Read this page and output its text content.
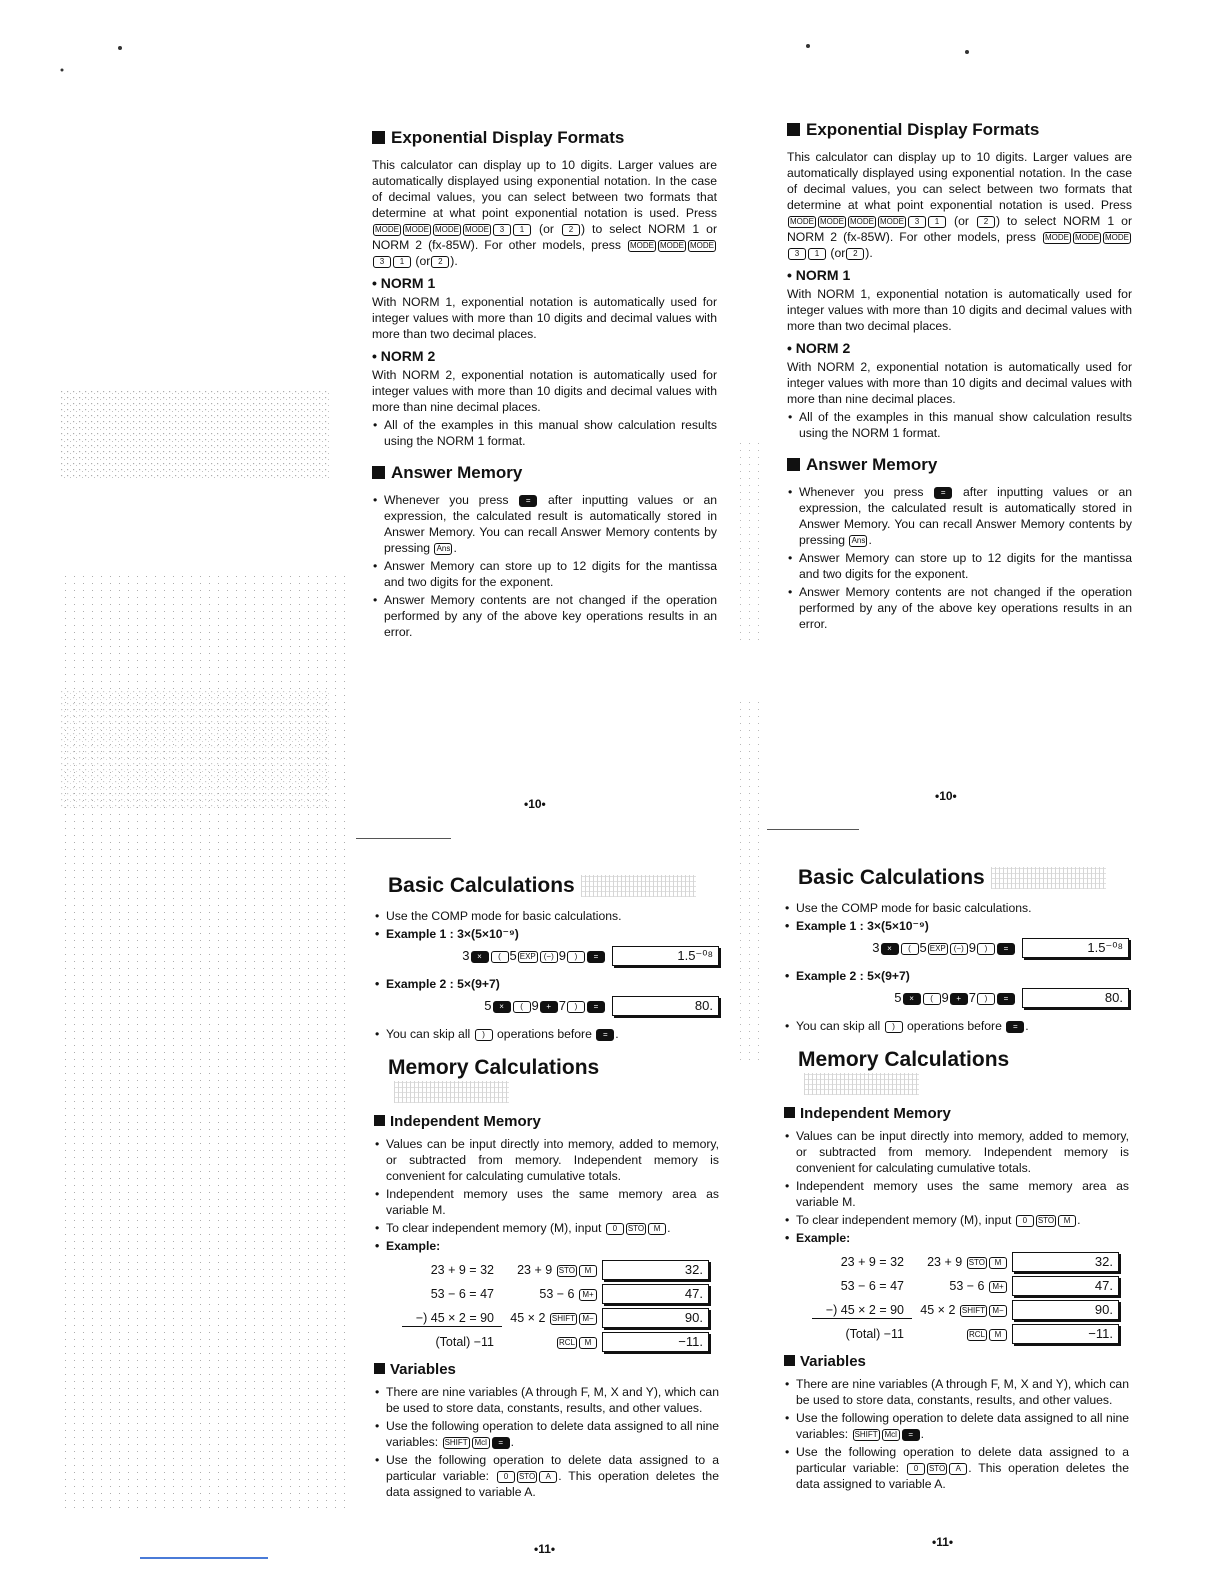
Exponential Display Formats

This calculator can display up to 10 digits. Larger values are automatically displayed using exponential notation. In the case of decimal values, you can select between two formats that determine at what point exponential notation is used. Press MODE MODE MODE MODE 3 1 (or 2 ) to select NORM 1 or NORM 2 (fx-85W). For other models, press MODE MODE MODE3 1 (or 2 ).

• NORM 1

With NORM 1, exponential notation is automatically used for integer values with more than 10 digits and decimal values with more than two decimal places.

• NORM 2

With NORM 2, exponential notation is automatically used for integer values with more than 10 digits and decimal values with more than nine decimal places.

• All of the examples in this manual show calculation results using the NORM 1 format.
Answer Memory
• Whenever you press = after inputting values or an expression, the calculated result is automatically stored in Answer Memory. You can recall Answer Memory contents by pressing Ans .
• Answer Memory can store up to 12 digits for the mantissa and two digits for the exponent.
• Answer Memory contents are not changed if the operation performed by any of the above key operations results in an error.
•10•
Exponential Display Formats

This calculator can display up to 10 digits. Larger values are automatically displayed using exponential notation. In the case of decimal values, you can select between two formats that determine at what point exponential notation is used. Press MODE MODE MODE MODE 3 1 (or 2 ) to select NORM 1 or NORM 2 (fx-85W). For other models, press MODE MODE MODE3 1 (or 2 ).

• NORM 1

With NORM 1, exponential notation is automatically used for integer values with more than 10 digits and decimal values with more than two decimal places.

• NORM 2

With NORM 2, exponential notation is automatically used for integer values with more than 10 digits and decimal values with more than nine decimal places.

• All of the examples in this manual show calculation results using the NORM 1 format.
Answer Memory
• Whenever you press = after inputting values or an expression, the calculated result is automatically stored in Answer Memory. You can recall Answer Memory contents by pressing Ans .
• Answer Memory can store up to 12 digits for the mantissa and two digits for the exponent.
• Answer Memory contents are not changed if the operation performed by any of the above key operations results in an error.
•10•
Basic Calculations
• Use the COMP mode for basic calculations.
• Example 1 : 3×(5×10⁻⁹)
3 × ( 5 EXP (−) 9 ) =	1.5⁻⁰⁸
• Example 2 : 5×(9+7)
5 × ( 9 + 7 ) =	80.
• You can skip all ) operations before = .
Memory Calculations
Independent Memory
• Values can be input directly into memory, added to memory, or subtracted from memory. Independent memory is convenient for calculating cumulative totals.
• Independent memory uses the same memory area as variable M.
• To clear independent memory (M), input 0 STO M .
• Example:
23 + 9 = 32	23 + 9 STO M	32.
53 − 6 = 47	53 − 6 M+	47.
−) 45 × 2 = 90	45 × 2 SHIFT M−	90.
(Total) −11	RCL M	−11.
Variables
• There are nine variables (A through F, M, X and Y), which can be used to store data, constants, results, and other values.
• Use the following operation to delete data assigned to all nine variables: SHIFT Mcl = .
• Use the following operation to delete data assigned to a particular variable: 0 STO A . This operation deletes the data assigned to variable A.
•11•
Basic Calculations
• Use the COMP mode for basic calculations.
• Example 1 : 3×(5×10⁻⁹)
3 × ( 5 EXP (−) 9 ) =	1.5⁻⁰⁸
• Example 2 : 5×(9+7)
5 × ( 9 + 7 ) =	80.
• You can skip all ) operations before = .
Memory Calculations
Independent Memory
• Values can be input directly into memory, added to memory, or subtracted from memory. Independent memory is convenient for calculating cumulative totals.
• Independent memory uses the same memory area as variable M.
• To clear independent memory (M), input 0 STO M .
• Example:
23 + 9 = 32	23 + 9 STO M	32.
53 − 6 = 47	53 − 6 M+	47.
−) 45 × 2 = 90	45 × 2 SHIFT M−	90.
(Total) −11	RCL M	−11.
Variables
• There are nine variables (A through F, M, X and Y), which can be used to store data, constants, results, and other values.
• Use the following operation to delete data assigned to all nine variables: SHIFT Mcl = .
• Use the following operation to delete data assigned to a particular variable: 0 STO A . This operation deletes the data assigned to variable A.
•11•
